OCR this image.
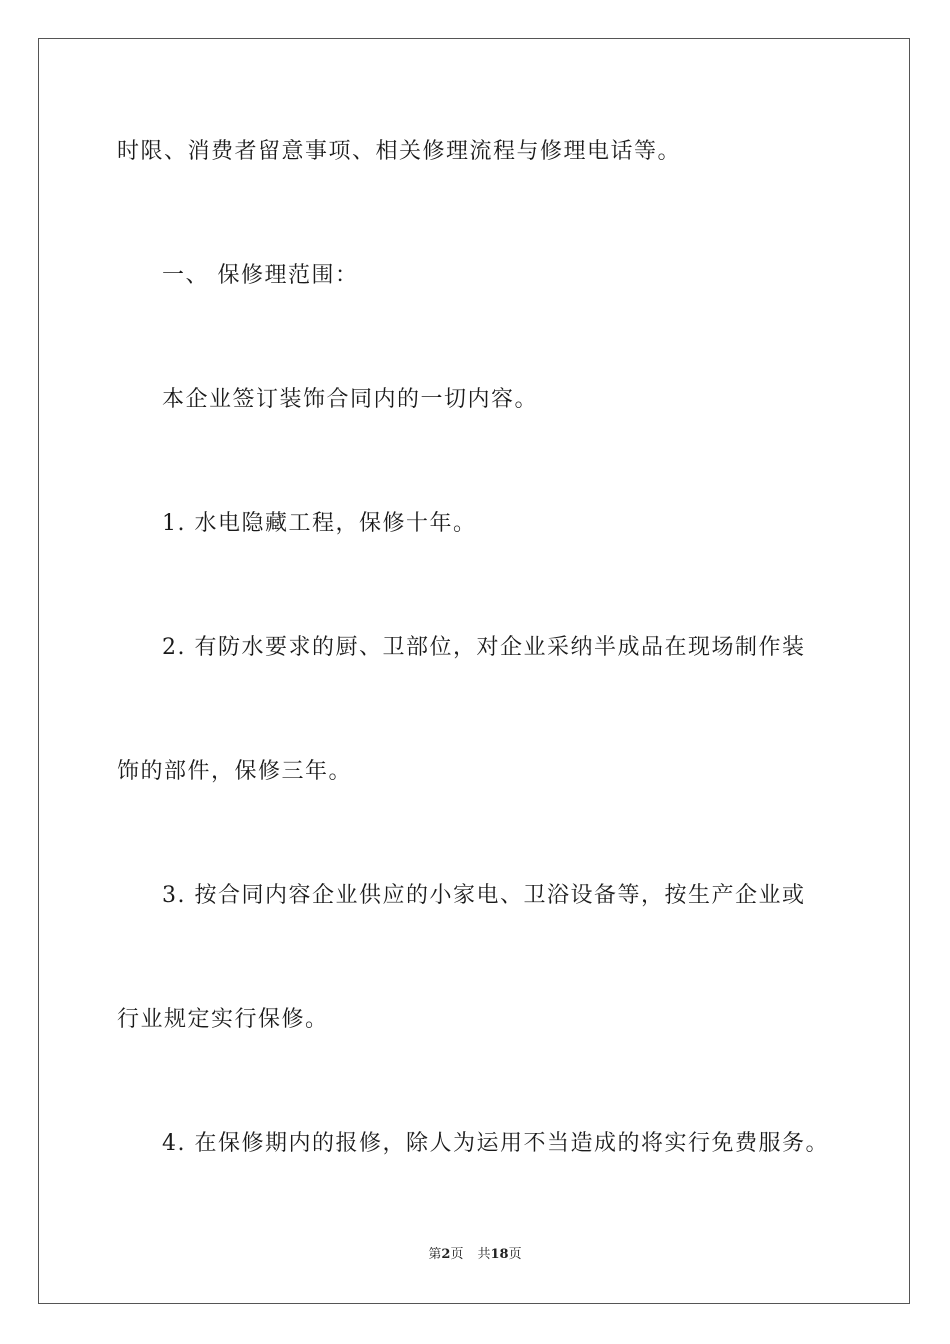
时限、消费者留意事项、相关修理流程与修理电话等。
一、 保修理范围：
本企业签订装饰合同内的一切内容。
1. 水电隐藏工程，保修十年。
2. 有防水要求的厨、卫部位，对企业采纳半成品在现场制作装
饰的部件，保修三年。
3. 按合同内容企业供应的小家电、卫浴设备等，按生产企业或
行业规定实行保修。
4. 在保修期内的报修，除人为运用不当造成的将实行免费服务。
第2页 共18页
